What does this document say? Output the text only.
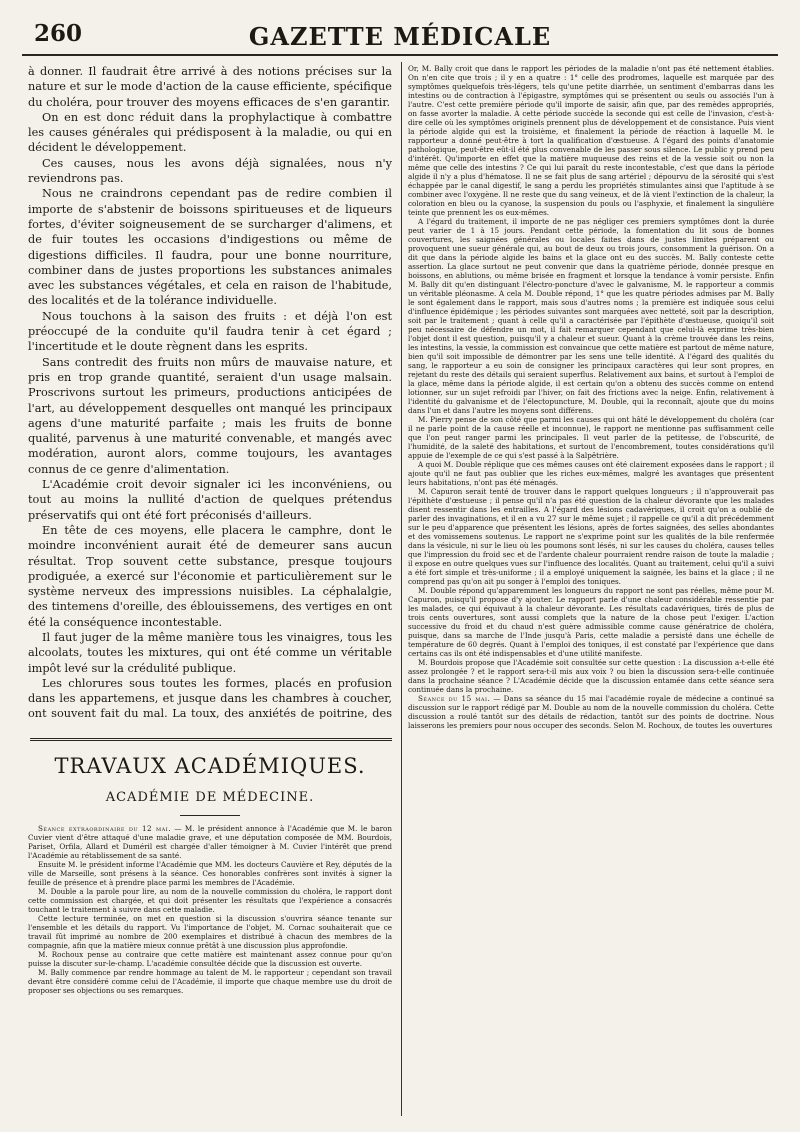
260	GAZETTE MÉDICALE

à donner. Il faudrait être arrivé à des notions précises sur la nature et sur le mode d'action de la cause efficiente, spécifique du choléra, pour trouver des moyens efficaces de s'en garantir.

On en est donc réduit dans la prophylactique à combattre les causes générales qui prédisposent à la maladie, ou qui en décident le développement.

Ces causes, nous les avons déjà signalées, nous n'y reviendrons pas.

Nous ne craindrons cependant pas de redire combien il importe de s'abstenir de boissons spiritueuses et de liqueurs fortes, d'éviter soigneusement de se surcharger d'alimens, et de fuir toutes les occasions d'indigestions ou même de digestions difficiles. Il faudra, pour une bonne nourriture, combiner dans de justes proportions les substances animales avec les substances végétales, et cela en raison de l'habitude, des localités et de la tolérance individuelle.

Nous touchons à la saison des fruits : et déjà l'on est préoccupé de la conduite qu'il faudra tenir à cet égard ; l'incertitude et le doute règnent dans les esprits.

Sans contredit des fruits non mûrs de mauvaise nature, et pris en trop grande quantité, seraient d'un usage malsain. Proscrivons surtout les primeurs, productions anticipées de l'art, au développement desquelles ont manqué les principaux agens d'une maturité parfaite ; mais les fruits de bonne qualité, parvenus à une maturité convenable, et mangés avec modération, auront alors, comme toujours, les avantages connus de ce genre d'alimentation.

L'Académie croit devoir signaler ici les inconvéniens, ou tout au moins la nullité d'action de quelques prétendus préservatifs qui ont été fort préconisés d'ailleurs.

En tête de ces moyens, elle placera le camphre, dont le moindre inconvénient aurait été de demeurer sans aucun résultat. Trop souvent cette substance, presque toujours prodiguée, a exercé sur l'économie et particulièrement sur le système nerveux des impressions nuisibles. La céphalalgie, des tintemens d'oreille, des éblouissemens, des vertiges en ont été la conséquence incontestable.

Il faut juger de la même manière tous les vinaigres, tous les alcoolats, toutes les mixtures, qui ont été comme un véritable impôt levé sur la crédulité publique.

Les chlorures sous toutes les formes, placés en profusion dans les appartemens, et jusque dans les chambres à coucher, ont souvent fait du mal. La toux, des anxiétés de poitrine, des

TRAVAUX ACADÉMIQUES.
ACADÉMIE DE MÉDECINE.

Séance extraordinaire du 12 mai. — M. le président annonce à l'Académie que M. le baron Cuvier vient d'être attaqué d'une maladie grave, et une députation composée de MM. Bourdois, Pariset, Orfila, Allard et Duméril est chargée d'aller témoigner à M. Cuvier l'intérêt que prend l'Académie au rétablissement de sa santé.

Ensuite M. le président informe l'Académie que MM. les docteurs Cauvière et Rey, députés de la ville de Marseille, sont présens à la séance. Ces honorables confrères sont invités à signer la feuille de présence et à prendre place parmi les membres de l'Académie.

M. Double a la parole pour lire, au nom de la nouvelle commission du choléra, le rapport dont cette commission est chargée, et qui doit présenter les résultats que l'expérience a consacrés touchant le traitement à suivre dans cette maladie.

Cette lecture terminée, on met en question si la discussion s'ouvrira séance tenante sur l'ensemble et les détails du rapport. Vu l'importance de l'objet, M. Cornac souhaiterait que ce travail fût imprimé au nombre de 200 exemplaires et distribué à chacun des membres de la compagnie, afin que la matière mieux connue prêtât à une discussion plus approfondie.

M. Rochoux pense au contraire que cette matière est maintenant assez connue pour qu'on puisse la discuter sur-le-champ. L'académie consultée décide que la discussion est ouverte.

M. Bally commence par rendre hommage au talent de M. le rapporteur ; cependant son travail devant être considéré comme celui de l'Académie, il importe que chaque membre use du droit de proposer ses objections ou ses remarques.

Or, M. Bally croit que dans le rapport les périodes de la maladie n'ont pas été nettement établies. On n'en cite que trois ; il y en a quatre : 1° celle des prodromes, laquelle est marquée par des symptômes quelquefois très-légers, tels qu'une petite diarrhée, un sentiment d'embarras dans les intestins ou de contraction à l'épigastre, symptômes qui se présentent ou seuls ou associés l'un à l'autre. C'est cette première période qu'il importe de saisir, afin que, par des remèdes appropriés, on fasse avorter la maladie. A cette période succède la seconde qui est celle de l'invasion, c'est-à-dire celle où les symptômes originels prennent plus de développement et de consistance. Puis vient la période algide qui est la troisième, et finalement la période de réaction à laquelle M. le rapporteur a donné peut-être à tort la qualification d'œstueuse. A l'égard des points d'anatomie pathologique, peut-être eût-il été plus convenable de les passer sous silence. Le public y prend peu d'intérêt. Qu'importe en effet que la matière muqueuse des reins et de la vessie soit ou non la même que celle des intestins ? Ce qui lui paraît du reste incontestable, c'est que dans la période algide il n'y a plus d'hématose. Il ne se fait plus de sang artériel ; dépourvu de la sérosité qui s'est échappée par le canal digestif, le sang a perdu les propriétés stimulantes ainsi que l'aptitude à se combiner avec l'oxygène. Il ne reste que du sang veineux, et de là vient l'extinction de la chaleur, la coloration en bleu ou la cyanose, la suspension du pouls ou l'asphyxie, et finalement la singulière teinte que prennent les os eux-mêmes.

A l'égard du traitement, il importe de ne pas négliger ces premiers symptômes dont la durée peut varier de 1 à 15 jours. Pendant cette période, la fomentation du lit sous de bonnes couvertures, les saignées générales ou locales faites dans de justes limites préparent ou provoquent une sueur générale qui, au bout de deux ou trois jours, consomment la guérison. On a dit que dans la période algide les bains et la glace ont eu des succès. M. Bally conteste cette assertion. La glace surtout ne peut convenir que dans la quatrième période, donnée presque en boissons, en ablutions, ou même brisée en fragment et lorsque la tendance à vomir persiste. Enfin M. Bally dit qu'en distinguant l'électro-poncture d'avec le galvanisme, M. le rapporteur a commis un véritable pléonasme. A cela M. Double répond, 1° que les quatre périodes admises par M. Bally le sont également dans le rapport, mais sous d'autres noms ; la première est indiquée sous celui d'influence épidémique ; les périodes suivantes sont marquées avec netteté, soit par la description, soit par le traitement ; quant à celle qu'il a caractérisée par l'épithète d'œstueuse, quoiqu'il soit peu nécessaire de défendre un mot, il fait remarquer cependant que celui-là exprime très-bien l'objet dont il est question, puisqu'il y a chaleur et sueur. Quant à la crème trouvée dans les reins, les intestins, la vessie, la commission est convaincue que cette matière est partout de même nature, bien qu'il soit impossible de démontrer par les sens une telle identité. A l'égard des qualités du sang, le rapporteur a eu soin de consigner les principaux caractères qui leur sont propres, en rejetant du reste des détails qui seraient superflus. Relativement aux bains, et surtout à l'emploi de la glace, même dans la période algide, il est certain qu'on a obtenu des succès comme on entend lotionner, sur un sujet refroidi par l'hiver, on fait des frictions avec la neige. Enfin, relativement à l'identité du galvanisme et de l'électopuncture, M. Double, qui la reconnaît, ajoute que du moins dans l'un et dans l'autre les moyens sont différens.

M. Pierry pense de son côté que parmi les causes qui ont hâté le développement du choléra (car il ne parle point de la cause réelle et inconnue), le rapport ne mentionne pas suffisamment celle que l'on peut ranger parmi les principales. Il veut parler de la petitesse, de l'obscurité, de l'humidité, de la saleté des habitations, et surtout de l'encombrement, toutes considérations qu'il appuie de l'exemple de ce qui s'est passé à la Salpêtrière.

A quoi M. Double réplique que ces mêmes causes ont été clairement exposées dans le rapport ; il ajoute qu'il ne faut pas oublier que les riches eux-mêmes, malgré les avantages que présentent leurs habitations, n'ont pas été ménagés.

M. Capuron serait tenté de trouver dans le rapport quelques longueurs ; il n'approuverait pas l'épithète d'œstueuse ; il pense qu'il n'a pas été question de la chaleur dévorante que les malades disent ressentir dans les entrailles. A l'égard des lésions cadavériques, il croit qu'on a oublié de parler des invaginations, et il en a vu 27 sur le même sujet ; il rappelle ce qu'il a dit précédemment sur le peu d'apparence que présentent les lésions, après de fortes saignées, des selles abondantes et des vomissemens soutenus. Le rapport ne s'exprime point sur les qualités de la bile renfermée dans la vésicule, ni sur le lieu où les poumons sont lésés, ni sur les causes du choléra, causes telles que l'impression du froid sec et de l'ardente chaleur pourraient rendre raison de toute la maladie ; il expose en outre quelques vues sur l'influence des localités. Quant au traitement, celui qu'il a suivi a été fort simple et très-uniforme ; il a employé uniquement la saignée, les bains et la glace ; il ne comprend pas qu'on ait pu songer à l'emploi des toniques.

M. Double répond qu'apparemment les longueurs du rapport ne sont pas réelles, même pour M. Capuron, puisqu'il propose d'y ajouter. Le rapport parle d'une chaleur considérable ressentie par les malades, ce qui équivaut à la chaleur dévorante. Les résultats cadavériques, tirés de plus de trois cents ouvertures, sont aussi complets que la nature de la chose peut l'exiger. L'action successive du froid et du chaud n'est guère admissible comme cause génératrice de choléra, puisque, dans sa marche de l'Inde jusqu'à Paris, cette maladie a persisté dans une échelle de température de 60 degrés. Quant à l'emploi des toniques, il est constaté par l'expérience que dans certains cas ils ont été indispensables et d'une utilité manifeste.

M. Bourdois propose que l'Académie soit consultée sur cette question : La discussion a-t-elle été assez prolongée ? et le rapport sera-t-il mis aux voix ? ou bien la discussion sera-t-elle continuée dans la prochaine séance ? L'Académie décide que la discussion entamée dans cette séance sera continuée dans la prochaine.

Séance du 15 mai. — Dans sa séance du 15 mai l'académie royale de médecine a continué sa discussion sur le rapport rédigé par M. Double au nom de la nouvelle commission du choléra. Cette discussion a roulé tantôt sur des détails de rédaction, tantôt sur des points de doctrine. Nous laisserons les premiers pour nous occuper des seconds. Selon M. Rochoux, de toutes les ouvertures
